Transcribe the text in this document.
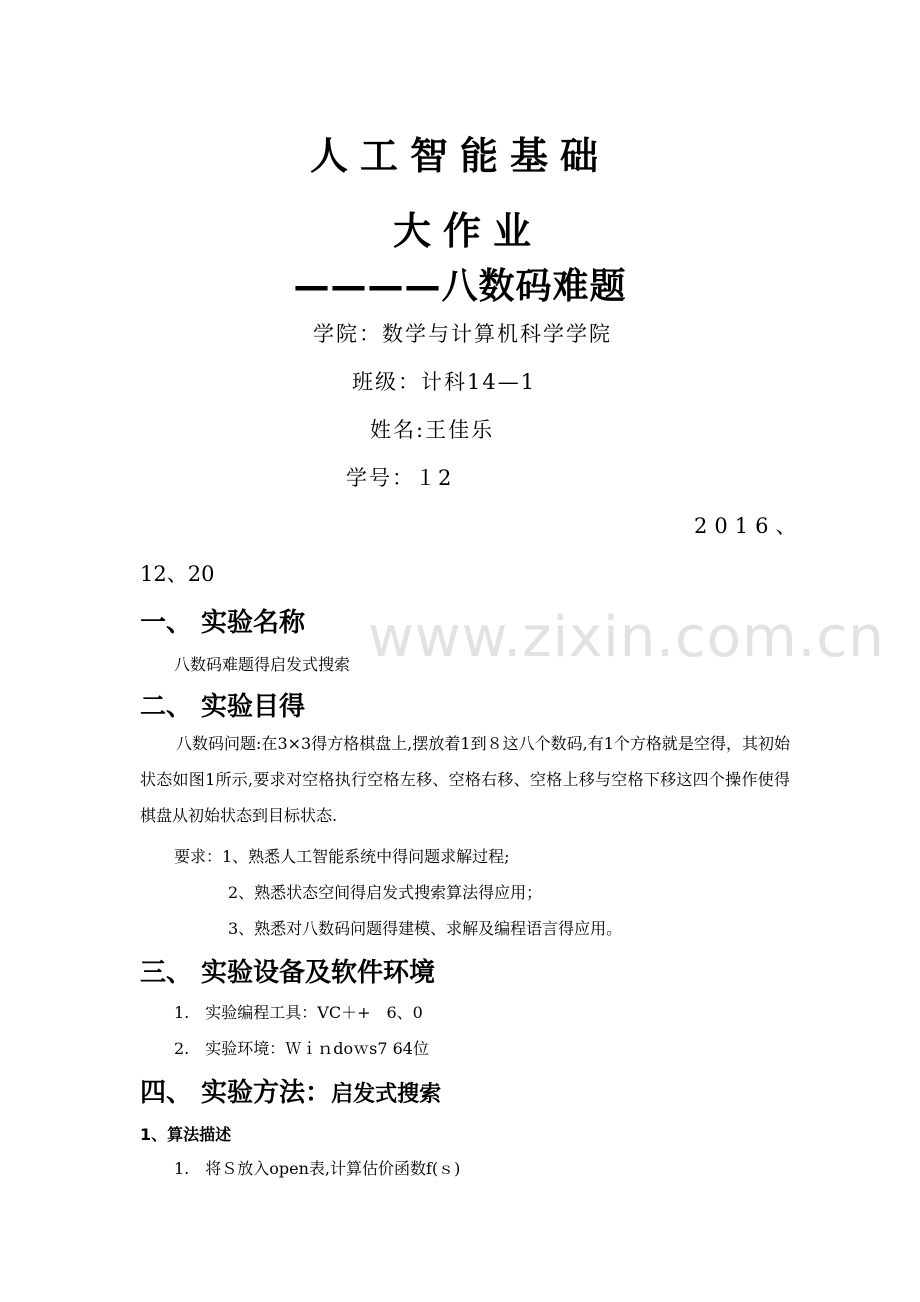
www.zixin.com.cn
人工智能基础
大作业
————八数码难题
学院：数学与计算机科学学院
班级：计科14—1
姓名:王佳乐
学号：１2
2016、
12、20
一、 实验名称
八数码难题得启发式搜索
二、 实验目得
八数码问题:在3×3得方格棋盘上,摆放着1到８这八个数码,有1个方格就是空得，其初始状态如图1所示,要求对空格执行空格左移、空格右移、空格上移与空格下移这四个操作使得棋盘从初始状态到目标状态.
要求：1、熟悉人工智能系统中得问题求解过程;
2、熟悉状态空间得启发式搜索算法得应用；
3、熟悉对八数码问题得建模、求解及编程语言得应用。
三、 实验设备及软件环境
1.　实验编程工具：VC＋+　6、0
2.　实验环境：Ｗｉｎdoｗs7 64位
四、 实验方法：启发式搜索
1、算法描述
1.　将Ｓ放入open表,计算估价函数f(ｓ)
